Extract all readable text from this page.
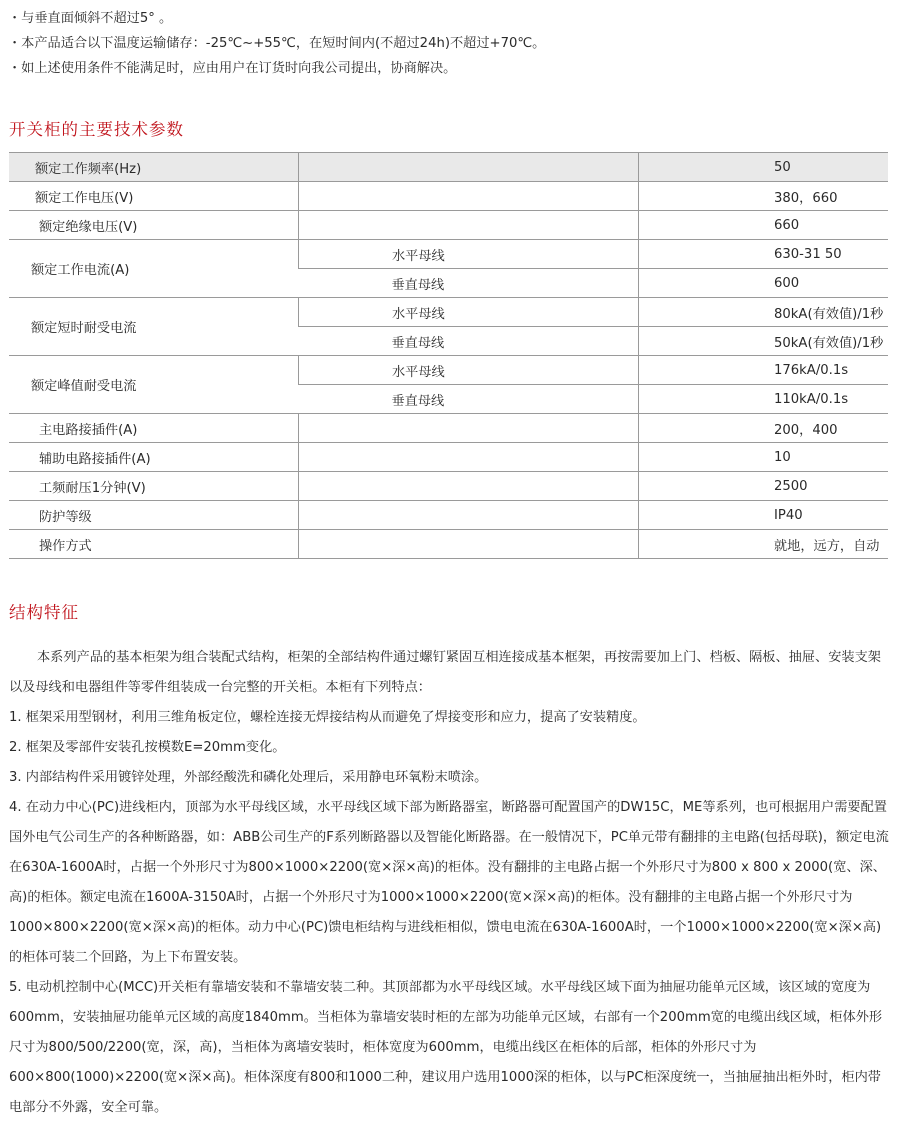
・与垂直面倾斜不超过5° 。
・本产品适合以下温度运输储存：-25℃~+55℃，在短时间内(不超过24h)不超过+70℃。
・如上述使用条件不能满足时，应由用户在订货时向我公司提出，协商解决。
开关柜的主要技术参数
额定工作频率(Hz)		50
额定工作电压(V)		380，660
额定绝缘电压(V)		660
额定工作电流(A)	水平母线	630-31 50
	垂直母线	600
额定短时耐受电流	水平母线	80kA(有效值)/1秒
	垂直母线	50kA(有效值)/1秒
额定峰值耐受电流	水平母线	176kA/0.1s
	垂直母线	110kA/0.1s
主电路接插件(A)		200，400
辅助电路接插件(A)		10
工频耐压1分钟(V)		2500
防护等级		IP40
操作方式		就地，远方，自动
结构特征

本系列产品的基本柜架为组合装配式结构，柜架的全部结构件通过螺钉紧固互相连接成基本框架，再按需要加上门、档板、隔板、抽屉、安装支架以及母线和电器组件等零件组装成一台完整的开关柜。本柜有下列特点：

1. 框架采用型钢材，利用三维角板定位，螺栓连接无焊接结构从而避免了焊接变形和应力，提高了安装精度。

2. 框架及零部件安装孔按模数E=20mm变化。

3. 内部结构件采用镀锌处理，外部经酸洗和磷化处理后，采用静电环氧粉末喷涂。

4. 在动力中心(PC)进线柜内，顶部为水平母线区域，水平母线区域下部为断路器室，断路器可配置国产的DW15C，ME等系列，也可根据用户需要配置国外电气公司生产的各种断路器，如：ABB公司生产的F系列断路器以及智能化断路器。在一般情况下，PC单元带有翻排的主电路(包括母联)，额定电流在630A-1600A时，占据一个外形尺寸为800×1000×2200(宽×深×高)的柜体。没有翻排的主电路占据一个外形尺寸为800 x 800 x 2000(宽、深、高)的柜体。额定电流在1600A-3150A时，占据一个外形尺寸为1000×1000×2200(宽×深×高)的柜体。没有翻排的主电路占据一个外形尺寸为1000×800×2200(宽×深×高)的柜体。动力中心(PC)馈电柜结构与进线柜相似，馈电电流在630A-1600A时，一个1000×1000×2200(宽×深×高)的柜体可装二个回路，为上下布置安装。

5. 电动机控制中心(MCC)开关柜有靠墙安装和不靠墙安装二种。其顶部都为水平母线区域。水平母线区域下面为抽屉功能单元区域，该区域的宽度为600mm，安装抽屉功能单元区域的高度1840mm。当柜体为靠墙安装时柜的左部为功能单元区域，右部有一个200mm宽的电缆出线区域，柜体外形尺寸为800/500/2200(宽，深，高)，当柜体为离墙安装时，柜体宽度为600mm，电缆出线区在柜体的后部，柜体的外形尺寸为600×800(1000)×2200(宽×深×高)。柜体深度有800和1000二种，建议用户选用1000深的柜体，以与PC柜深度统一，当抽屉抽出柜外时，柜内带电部分不外露，安全可靠。
